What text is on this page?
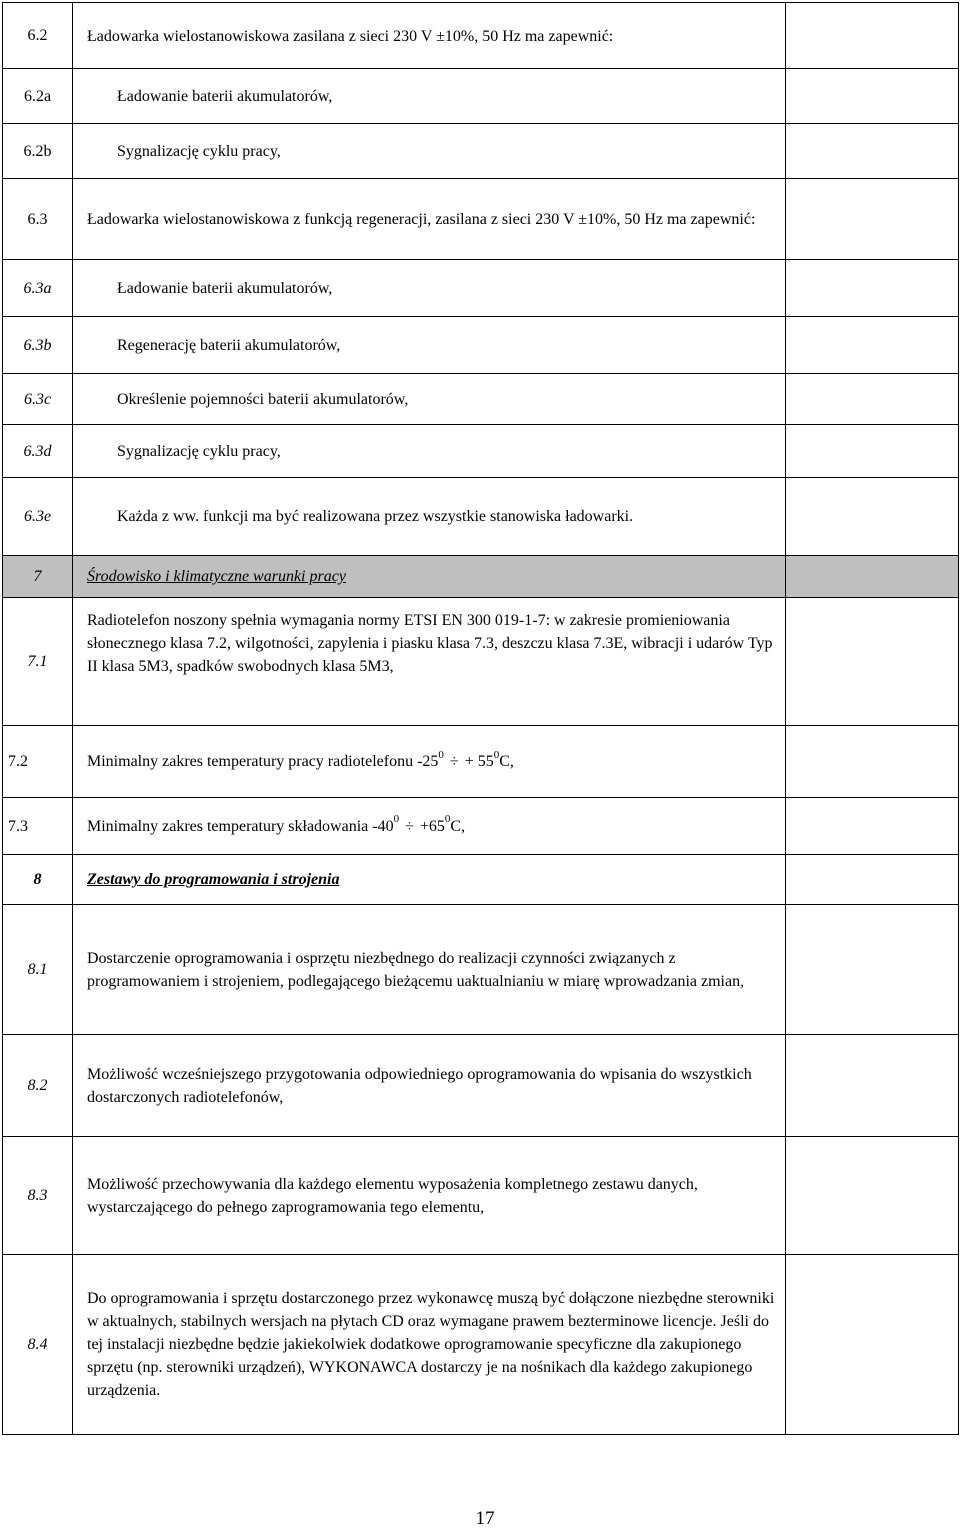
6.2	Ładowarka wielostanowiskowa zasilana z sieci 230 V ±10%, 50 Hz ma zapewnić:	
6.2a	Ładowanie baterii akumulatorów,	
6.2b	Sygnalizację cyklu pracy,	
6.3	Ładowarka wielostanowiskowa z funkcją regeneracji, zasilana z sieci 230 V ±10%, 50 Hz ma zapewnić:	
6.3a	Ładowanie baterii akumulatorów,	
6.3b	Regenerację baterii akumulatorów,	
6.3c	Określenie pojemności baterii akumulatorów,	
6.3d	Sygnalizację cyklu pracy,	
6.3e	Każda z ww. funkcji ma być realizowana przez wszystkie stanowiska ładowarki.	
7	Środowisko i klimatyczne warunki pracy	
7.1	Radiotelefon noszony spełnia wymagania normy ETSI EN 300 019-1-7: w zakresie promieniowania słonecznego klasa 7.2, wilgotności, zapylenia i piasku klasa 7.3, deszczu klasa 7.3E, wibracji i udarów Typ II klasa 5M3, spadków swobodnych klasa 5M3,	
7.2	Minimalny zakres temperatury pracy radiotelefonu $-25^0$ ÷ + $55^0C$,	
7.3	Minimalny zakres temperatury składowania $-40^0 \div +65^0C$,	
8	Zestawy do programowania i strojenia	
8.1	Dostarczenie oprogramowania i osprzętu niezbędnego do realizacji czynności związanych z programowaniem i strojeniem, podlegającego bieżącemu uaktualnianiu w miarę wprowadzania zmian,	
8.2	Możliwość wcześniejszego przygotowania odpowiedniego oprogramowania do wpisania do wszystkich dostarczonych radiotelefonów,	
8.3	Możliwość przechowywania dla każdego elementu wyposażenia kompletnego zestawu danych, wystarczającego do pełnego zaprogramowania tego elementu,	
8.4	Do oprogramowania i sprzętu dostarczonego przez wykonawcę muszą być dołączone niezbędne sterowniki w aktualnych, stabilnych wersjach na płytach CD oraz wymagane prawem bezterminowe licencje. Jeśli do tej instalacji niezbędne będzie jakiekolwiek dodatkowe oprogramowanie specyficzne dla zakupionego sprzętu (np. sterowniki urządzeń), WYKONAWCA dostarczy je na nośnikach dla każdego zakupionego urządzenia.	
17
